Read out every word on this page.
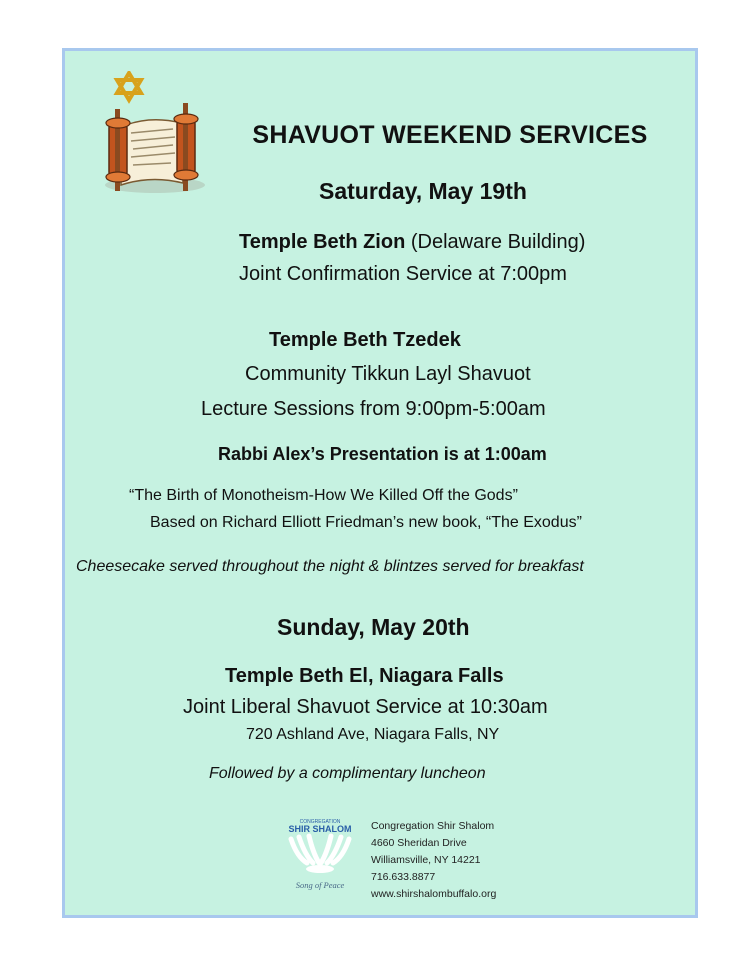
SHAVUOT WEEKEND SERVICES
Saturday, May 19th
Temple Beth Zion (Delaware Building)
Joint Confirmation Service at 7:00pm
Temple Beth Tzedek
Community Tikkun Layl Shavuot
Lecture Sessions from 9:00pm-5:00am
Rabbi Alex’s Presentation is at 1:00am
“The Birth of Monotheism-How We Killed Off the Gods”
Based on Richard Elliott Friedman’s new book, “The Exodus”
Cheesecake served throughout the night & blintzes served for breakfast
Sunday, May 20th
Temple Beth El, Niagara Falls
Joint Liberal Shavuot Service at 10:30am
720 Ashland Ave, Niagara Falls, NY
Followed by a complimentary luncheon
CONGREGATION
SHIR SHALOM
Song of Peace
Congregation Shir Shalom
4660 Sheridan Drive
Williamsville, NY 14221
716.633.8877
www.shirshalombuffalo.org
